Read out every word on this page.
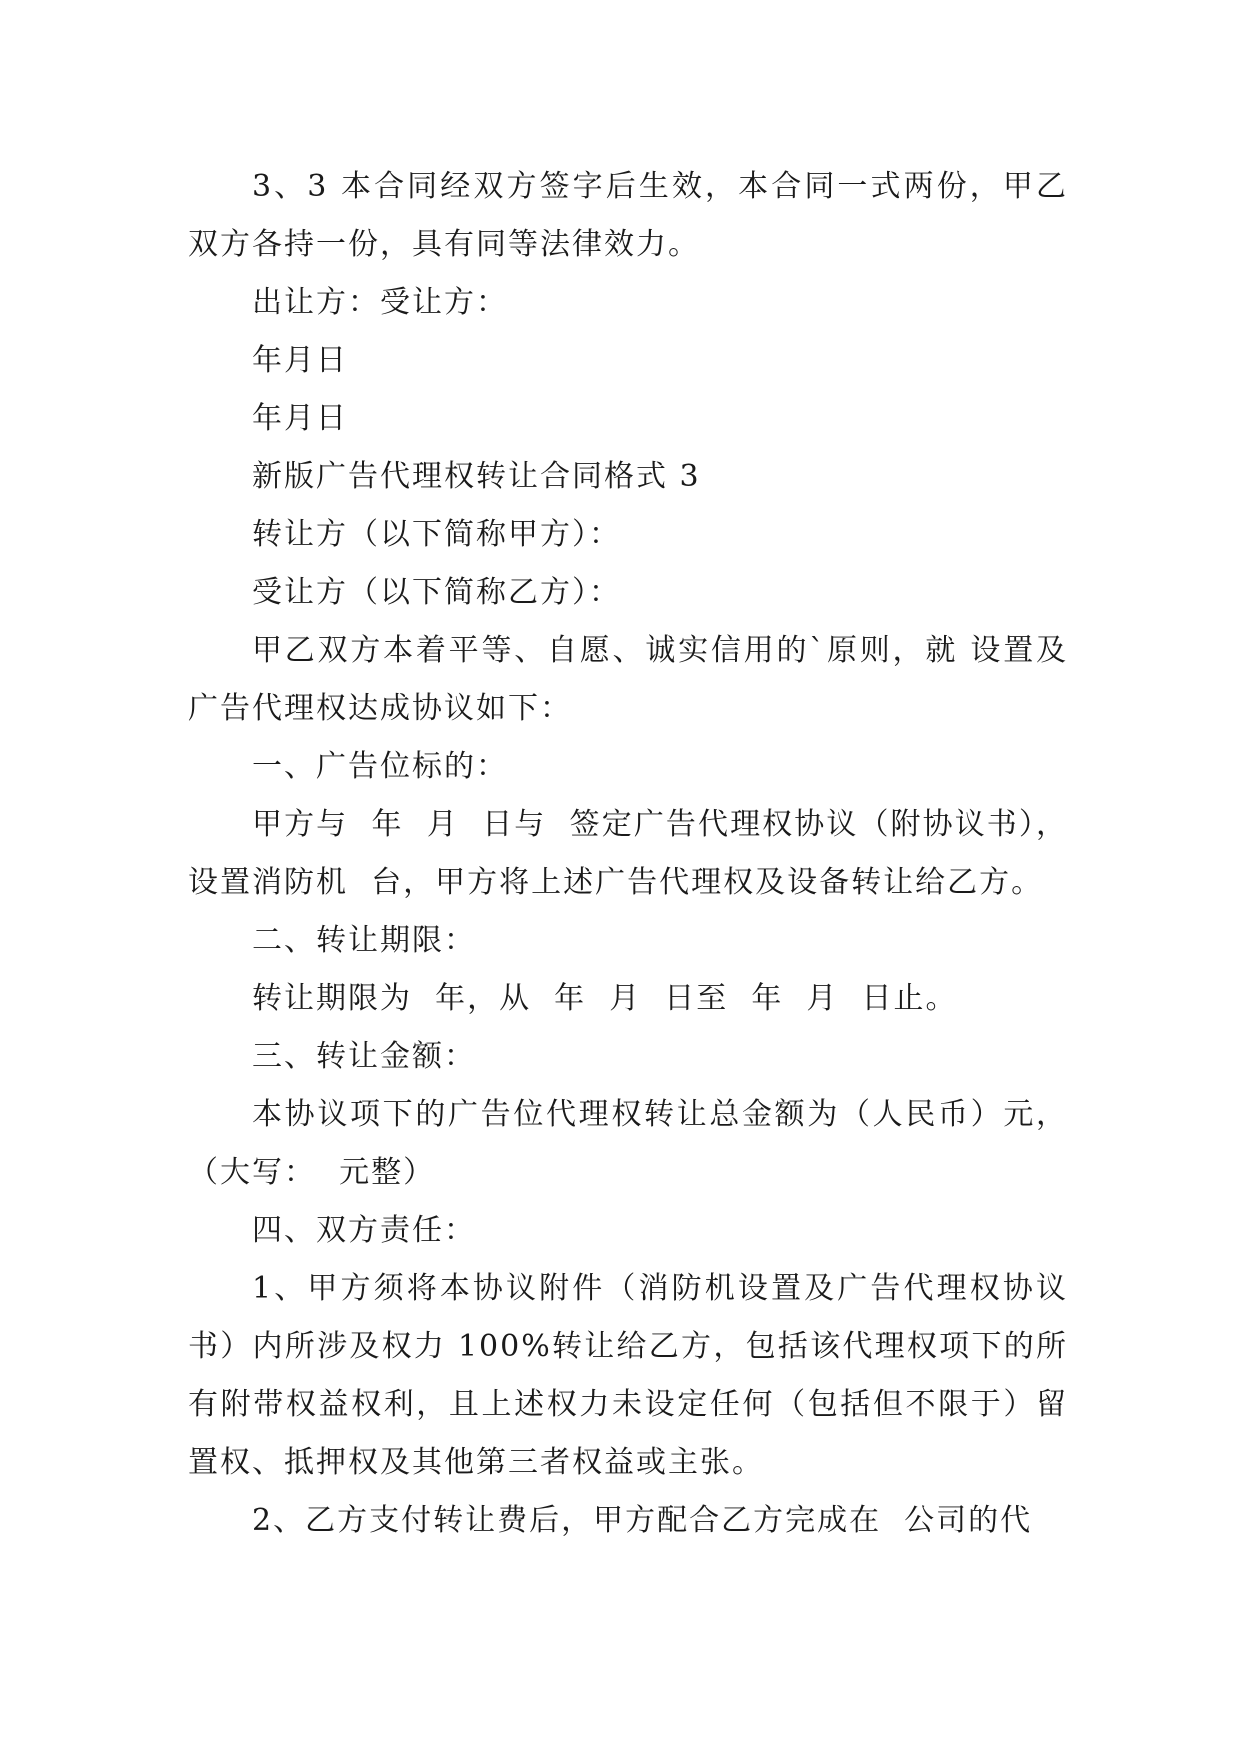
3、3 本合同经双方签字后生效，本合同一式两份，甲乙双方各持一份，具有同等法律效力。

出让方：受让方：

年月日

年月日

新版广告代理权转让合同格式 3

转让方（以下简称甲方）：

受让方（以下简称乙方）：

甲乙双方本着平等、自愿、诚实信用的`原则，就 设置及广告代理权达成协议如下：

一、广告位标的：

甲方与  年  月  日与  签定广告代理权协议（附协议书），设置消防机  台，甲方将上述广告代理权及设备转让给乙方。

二、转让期限：

转让期限为  年，从  年  月  日至  年  月  日止。

三、转让金额：

本协议项下的广告位代理权转让总金额为（人民币）元，（大写：  元整）

四、双方责任：

1、甲方须将本协议附件（消防机设置及广告代理权协议书）内所涉及权力 100%转让给乙方，包括该代理权项下的所有附带权益权利，且上述权力未设定任何（包括但不限于）留置权、抵押权及其他第三者权益或主张。

2、乙方支付转让费后，甲方配合乙方完成在  公司的代
